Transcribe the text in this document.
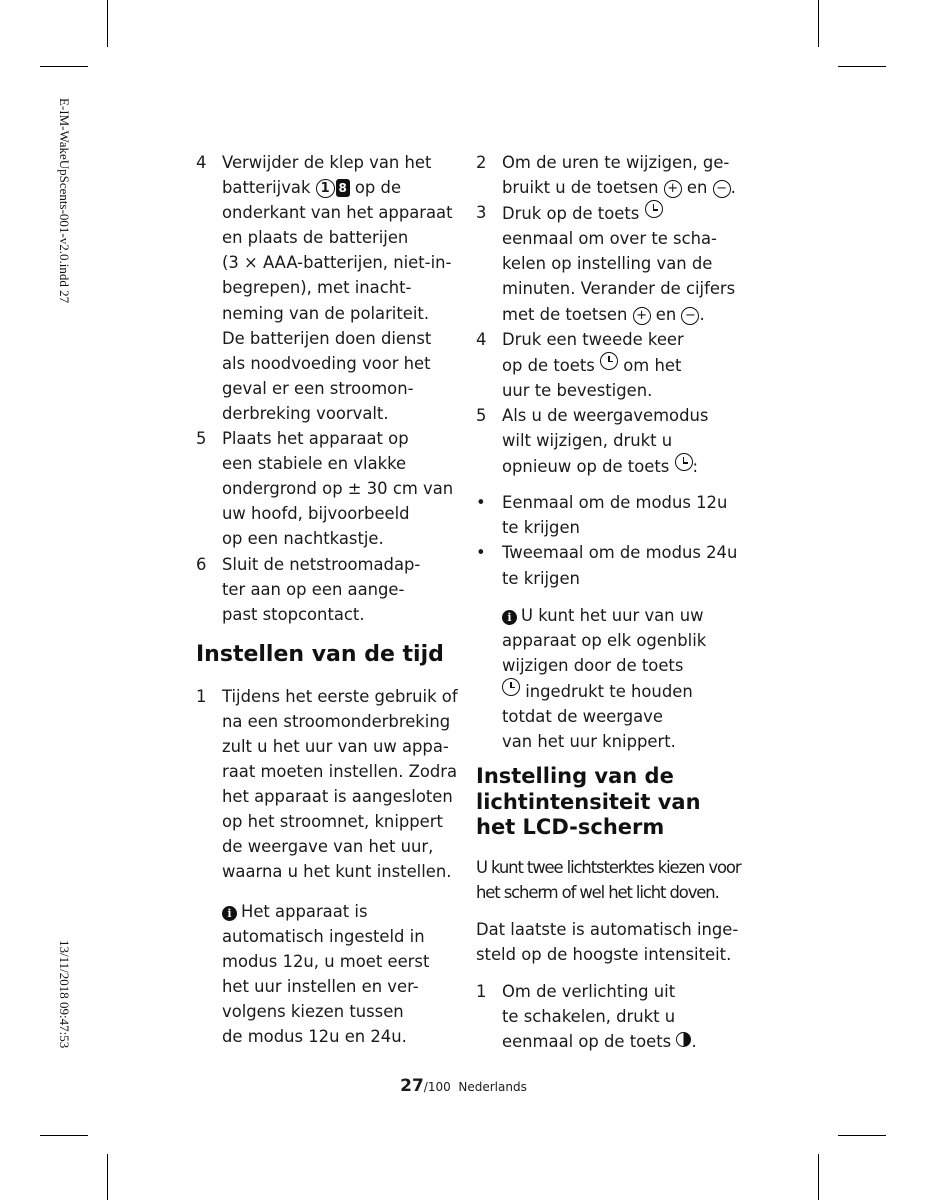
E-IM-WakeUpScents-001-v2.0.indd 27
13/11/2018 09:47:53
4 Verwijder de klep van het
batterijvak 1 8 op de
onderkant van het apparaat
en plaats de batterijen
(3 × AAA-batterijen, niet-in-
begrepen), met inacht-
neming van de polariteit.
De batterijen doen dienst
als noodvoeding voor het
geval er een stroomon-
derbreking voorvalt.
5 Plaats het apparaat op
een stabiele en vlakke
ondergrond op ± 30 cm van
uw hoofd, bijvoorbeeld
op een nachtkastje.
6 Sluit de netstroomadap-
ter aan op een aange-
past stopcontact.
Instellen van de tijd
1 Tijdens het eerste gebruik of
na een stroomonderbreking
zult u het uur van uw appa-
raat moeten instellen. Zodra
het apparaat is aangesloten
op het stroomnet, knippert
de weergave van het uur,
waarna u het kunt instellen.
i Het apparaat is
automatisch ingesteld in
modus 12u, u moet eerst
het uur instellen en ver-
volgens kiezen tussen
de modus 12u en 24u.
2 Om de uren te wijzigen, ge-
bruikt u de toetsen + en − .
3 Druk op de toets
eenmaal om over te scha-
kelen op instelling van de
minuten. Verander de cijfers
met de toetsen + en − .
4 Druk een tweede keer
op de toets  om het
uur te bevestigen.
5 Als u de weergavemodus
wilt wijzigen, drukt u
opnieuw op de toets :
• Eenmaal om de modus 12u
te krijgen
• Tweemaal om de modus 24u
te krijgen
i U kunt het uur van uw
apparaat op elk ogenblik
wijzigen door de toets
ingedrukt te houden
totdat de weergave
van het uur knippert.
Instelling van de
lichtintensiteit van
het LCD-scherm
U kunt twee lichtsterktes kiezen voor
het scherm of wel het licht doven.
Dat laatste is automatisch inge-
steld op de hoogste intensiteit.
1 Om de verlichting uit
te schakelen, drukt u
eenmaal op de toets .
27/100 Nederlands
